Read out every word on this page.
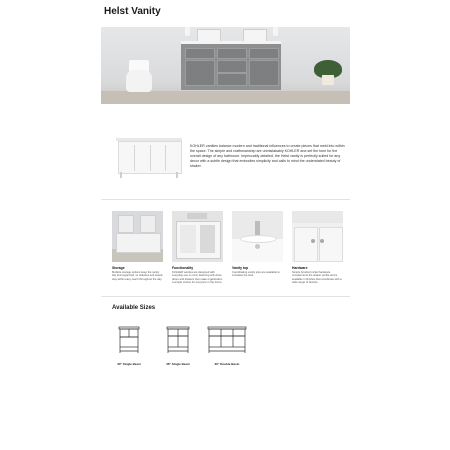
Helst Vanity

KOHLER vanities balance modern and traditional influences to create pieces that meld into within the space. The simple and craftsmanship are unmistakably KOHLER and set the tone for the overall design of any bathroom. Impeccably detailed, the Helst vanity is perfectly suited for any decor with a subtle design that embodies simplicity and calls to mind the understated beauty of shaker.

Storage
Multiple storage options keep the vanity tidy and organized, so toiletries and towels stay within easy reach throughout the day.
Functionality
KOHLER vanities are designed with everyday use in mind, featuring soft-close doors and drawers that make organization a simple routine for everyone in the home.
Vanity top
Coordinating vanity tops are available to complete the look.
Hardware
Simple brushed nickel hardware complements the shaker profile and is available in finishes that coordinate with a wide range of faucets.
Available Sizes
30" Single Basin	36" Single Basin	60" Double Basin
